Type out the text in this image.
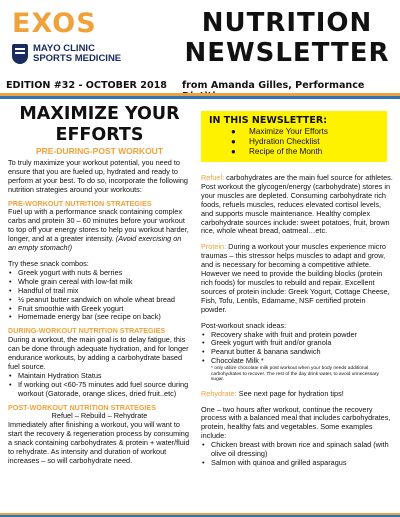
EXOS
MAYO CLINIC
SPORTS MEDICINE
NUTRITION
NEWSLETTER
EDITION #32 - OCTOBER 2018 from Amanda Gilles, Performance
MAXIMIZE YOUR
EFFORTS
PRE-DURING-POST WORKOUT
To truly maximize your workout potential, you need to ensure that you are fueled up, hydrated and ready to perform at your best. To do so, incorporate the following nutrition strategies around your workouts:
PRE-WORKOUT NUTRITION STRATEGIES
Fuel up with a performance snack containing complex carbs and protein 30 – 60 minutes before your workout to top off your energy stores to help you workout harder, longer, and at a greater intensity. (Avoid exercising on an empty stomach!)
Try these snack combos:
• Greek yogurt with nuts & berries
• Whole grain cereal with low-fat milk
• Handful of trail mix
• ½ peanut butter sandwich on whole wheat bread
• Fruit smoothie with Greek yogurt
• Homemade energy bar (see recipe on back)
DURING-WORKOUT NUTRITION STRATEGIES
During a workout, the main goal is to delay fatigue, this can be done through adequate hydration, and for longer endurance workouts, by adding a carbohydrate based fuel source.
• Maintain Hydration Status
• If working out <60-75 minutes add fuel source during workout (Gatorade, orange slices, dried fruit..etc)
POST-WORKOUT NUTRITION STRATEGIES
Refuel – Rebuild – Rehydrate
Immediately after finishing a workout, you will want to start the recovery & regeneration process by consuming a snack containing carbohydrates & protein + water/fluid to rehydrate. As intensity and duration of workout increases – so will carbohydrate need.
IN THIS NEWSLETTER:
● Maximize Your Efforts
● Hydration Checklist
● Recipe of the Month
Refuel: carbohydrates are the main fuel source for athletes. Post workout the glycogen/energy (carbohydrate) stores in your muscles are depleted. Consuming carbohydrate rich foods, refuels muscles, reduces elevated cortisol levels, and supports muscle maintenance. Healthy complex carbohydrate sources include: sweet potatoes, fruit, brown rice, whole wheat bread, oatmeal…etc.
Protein: During a workout your muscles experience micro traumas – this stressor helps muscles to adapt and grow, and is necessary for becoming a competitive athlete. However we need to provide the building blocks (protein rich foods) for muscles to rebuild and repair. Excellent sources of protein include: Greek Yogurt, Cottage Cheese, Fish, Tofu, Lentils, Edamame, NSF certified protein powder.
Post-workout snack ideas:
• Recovery shake with fruit and protein powder
• Greek yogurt with fruit and/or granola
• Peanut butter & banana sandwich
• Chocolate Milk *
* only utilize chocolate milk post workout when your body needs additional carbohydrates to recover. The rest of the day drink water, to avoid unnecessary sugar.
Rehydrate: See next page for hydration tips!
One – two hours after workout, continue the recovery process with a balanced meal that includes carbohydrates, protein, healthy fats and vegetables. Some examples include:
• Chicken breast with brown rice and spinach salad (with olive oil dressing)
• Salmon with quinoa and grilled asparagus
